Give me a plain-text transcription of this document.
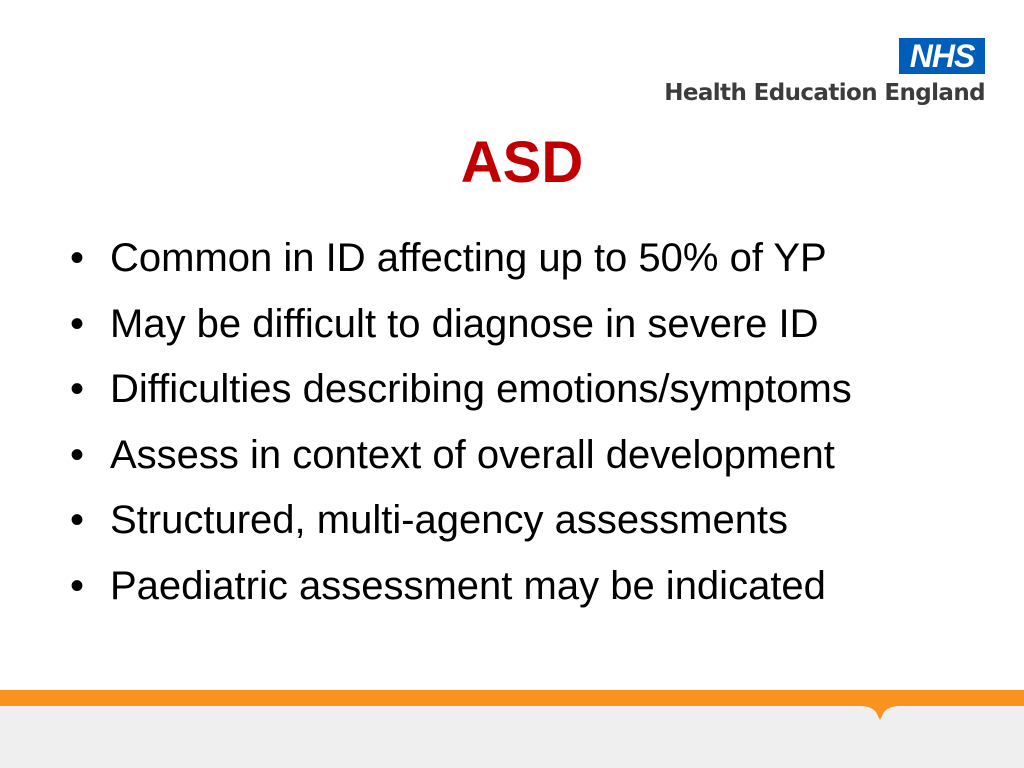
NHS
Health Education England
ASD
• Common in ID affecting up to 50% of YP
• May be difficult to diagnose in severe ID
• Difficulties describing emotions/symptoms
• Assess in context of overall development
• Structured, multi-agency assessments
• Paediatric assessment may be indicated
